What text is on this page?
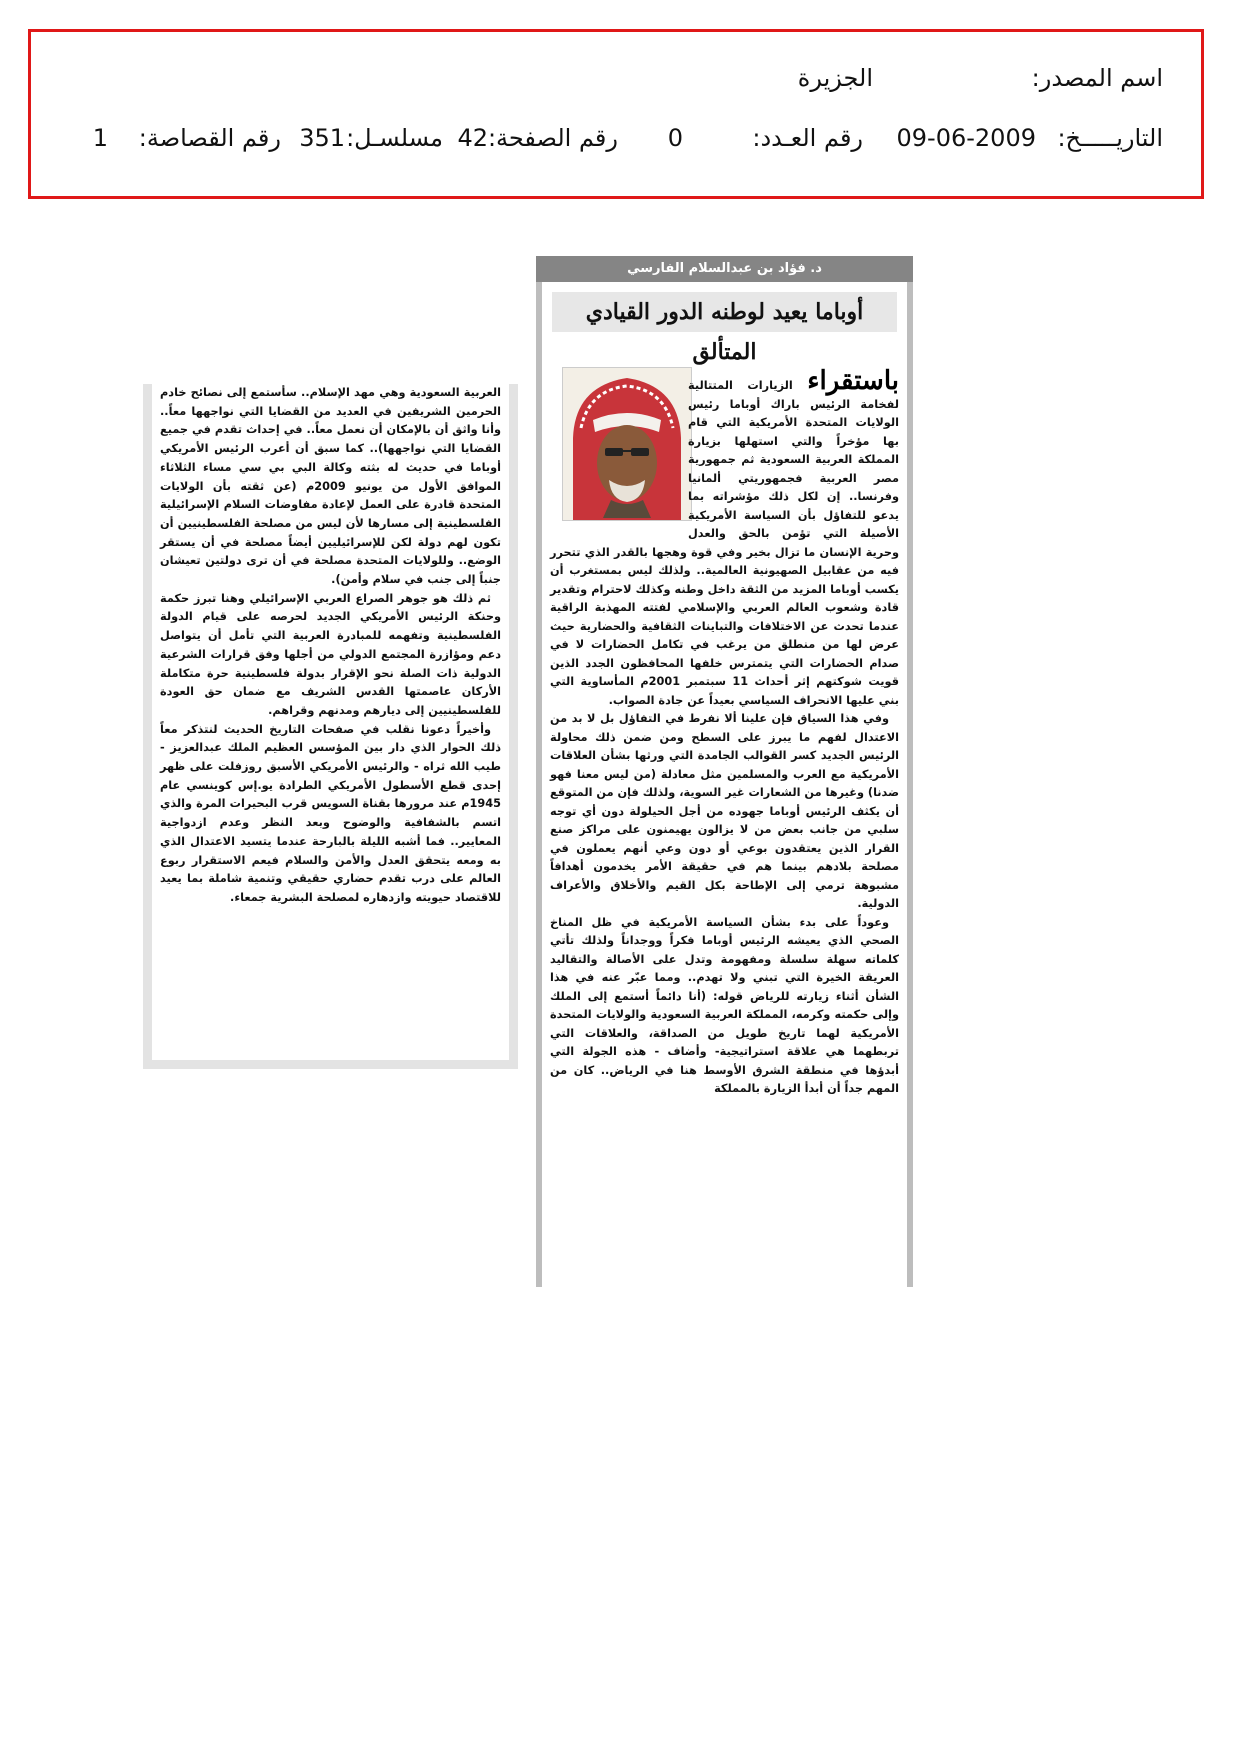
اسم المصدر:
الجزيرة
التاريـــــخ:
09-06-2009
رقم العـدد:
0
رقم الصفحة:
42
مسلسـل:
351
رقم القصاصة:
1
د. فؤاد بن عبدالسلام الفارسي
أوباما يعيد لوطنه الدور القيادي المتألق

باستقراء الزيارات المتتالية لفخامة الرئيس باراك أوباما رئيس الولايات المتحدة الأمريكية التي قام بها مؤخراً والتي استهلها بزيارة المملكة العربية السعودية ثم جمهورية مصر العربية فجمهوريتي ألمانيا وفرنسا.. إن لكل ذلك مؤشراته بما يدعو للتفاؤل بأن السياسة الأمريكية الأصيلة التي تؤمن بالحق والعدل وحرية الإنسان ما تزال بخير وفي قوة وهجها بالقدر الذي تتحرر فيه من عقابيل الصهيونية العالمية.. ولذلك ليس بمستغرب أن يكسب أوباما المزيد من الثقة داخل وطنه وكذلك لاحترام وتقدير قادة وشعوب العالم العربي والإسلامي لفتته المهذبة الراقية عندما تحدث عن الاختلافات والتباينات الثقافية والحضارية حيث عرض لها من منطلق من يرغب في تكامل الحضارات لا في صدام الحضارات التي يتمترس خلفها المحافظون الجدد الذين قويت شوكتهم إثر أحداث 11 سبتمبر 2001م المأساوية التي بني عليها الانحراف السياسي بعيداً عن جادة الصواب.

وفي هذا السياق فإن علينا ألا نفرط في التفاؤل بل لا بد من الاعتدال لفهم ما يبرز على السطح ومن ضمن ذلك محاولة الرئيس الجديد كسر القوالب الجامدة التي ورثها بشأن العلاقات الأمريكية مع العرب والمسلمين مثل معادلة (من ليس معنا فهو ضدنا) وغيرها من الشعارات غير السوية، ولذلك فإن من المتوقع أن يكثف الرئيس أوباما جهوده من أجل الحيلولة دون أي توجه سلبي من جانب بعض من لا يزالون يهيمنون على مراكز صنع القرار الذين يعتقدون بوعي أو دون وعي أنهم يعملون في مصلحة بلادهم بينما هم في حقيقة الأمر يخدمون أهدافاً مشبوهة ترمي إلى الإطاحة بكل القيم والأخلاق والأعراف الدولية.

وعوداً على بدء بشأن السياسة الأمريكية في ظل المناخ الصحي الذي يعيشه الرئيس أوباما فكراً ووجداناً ولذلك تأتي كلماته سهلة سلسلة ومفهومة وتدل على الأصالة والتقاليد العريقة الخيرة التي تبني ولا تهدم.. ومما عبّر عنه في هذا الشأن أثناء زيارته للرياض قوله: (أنا دائماً أستمع إلى الملك وإلى حكمته وكرمه، المملكة العربية السعودية والولايات المتحدة الأمريكية لهما تاريخ طويل من الصداقة، والعلاقات التي تربطهما هي علاقة استراتيجية- وأضاف - هذه الجولة التي أبدؤها في منطقة الشرق الأوسط هنا في الرياض.. كان من المهم جداً أن أبدأ الزيارة بالمملكة

العربية السعودية وهي مهد الإسلام.. سأستمع إلى نصائح خادم الحرمين الشريفين في العديد من القضايا التي نواجهها معاً.. وأنا واثق أن بالإمكان أن نعمل معاً.. في إحداث تقدم في جميع القضايا التي نواجهها).. كما سبق أن أعرب الرئيس الأمريكي أوباما في حديث له بثته وكالة البي بي سي مساء الثلاثاء الموافق الأول من يونيو 2009م (عن ثقته بأن الولايات المتحدة قادرة على العمل لإعادة مفاوضات السلام الإسرائيلية الفلسطينية إلى مسارها لأن ليس من مصلحة الفلسطينيين أن تكون لهم دولة لكن للإسرائيليين أيضاً مصلحة في أن يستقر الوضع.. وللولايات المتحدة مصلحة في أن ترى دولتين تعيشان جنباً إلى جنب في سلام وأمن).

ثم ذلك هو جوهر الصراع العربي الإسرائيلي وهنا تبرز حكمة وحنكة الرئيس الأمريكي الجديد لحرصه على قيام الدولة الفلسطينية وتفهمه للمبادرة العربية التي تأمل أن يتواصل دعم ومؤازرة المجتمع الدولي من أجلها وفق قرارات الشرعية الدولية ذات الصلة نحو الإقرار بدولة فلسطينية حرة متكاملة الأركان عاصمتها القدس الشريف مع ضمان حق العودة للفلسطينيين إلى ديارهم ومدنهم وقراهم.

وأخيراً دعونا نقلب في صفحات التاريخ الحديث لنتذكر معاً ذلك الحوار الذي دار بين المؤسس العظيم الملك عبدالعزيز - طيب الله ثراه - والرئيس الأمريكي الأسبق روزفلت على ظهر إحدى قطع الأسطول الأمريكي الطرادة يو.إس كوينسي عام 1945م عند مرورها بقناة السويس قرب البحيرات المرة والذي اتسم بالشفافية والوضوح وبعد النظر وعدم ازدواجية المعايير.. فما أشبه الليلة بالبارحة عندما يتسيد الاعتدال الذي به ومعه يتحقق العدل والأمن والسلام فيعم الاستقرار ربوع العالم على درب تقدم حضاري حقيقي وتنمية شاملة بما يعيد للاقتصاد حيويته وازدهاره لمصلحة البشرية جمعاء.
